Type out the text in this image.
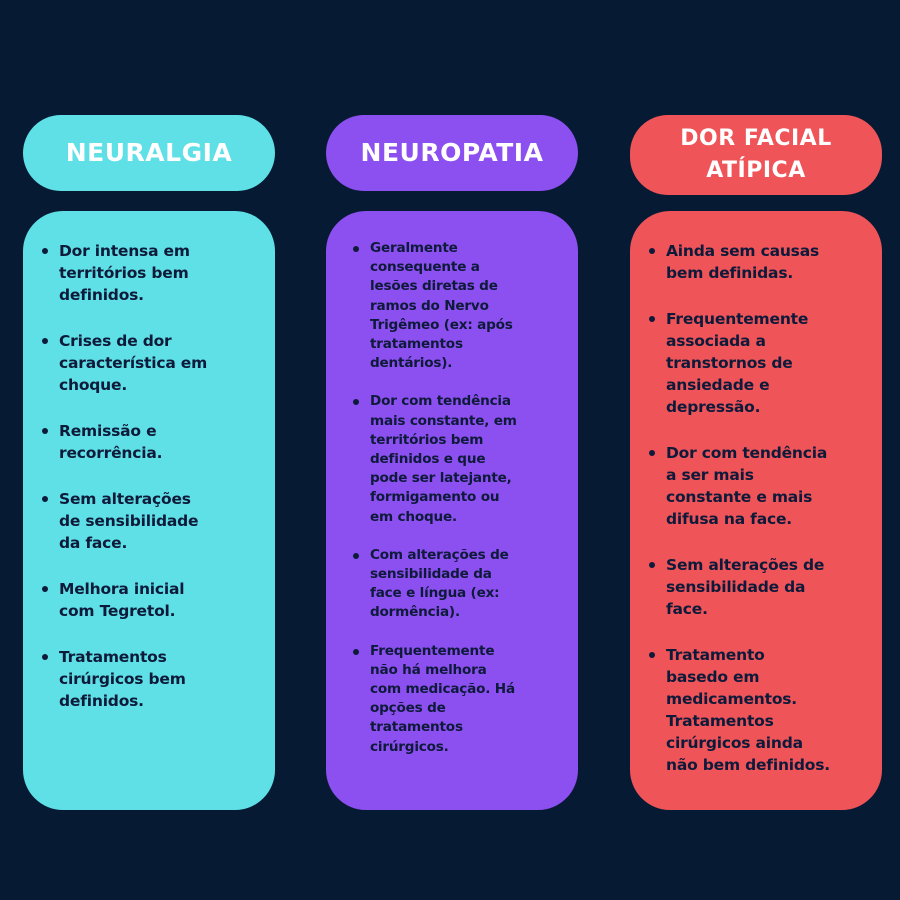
NEURALGIA
Dor intensa em
territórios bem
definidos.
Crises de dor
característica em
choque.
Remissão e
recorrência.
Sem alterações
de sensibilidade
da face.
Melhora inicial
com Tegretol.
Tratamentos
cirúrgicos bem
definidos.
NEUROPATIA
Geralmente
consequente a
lesões diretas de
ramos do Nervo
Trigêmeo (ex: após
tratamentos
dentários).
Dor com tendência
mais constante, em
territórios bem
definidos e que
pode ser latejante,
formigamento ou
em choque.
Com alterações de
sensibilidade da
face e língua (ex:
dormência).
Frequentemente
não há melhora
com medicação. Há
opções de
tratamentos
cirúrgicos.
DOR FACIAL
ATÍPICA
Ainda sem causas
bem definidas.
Frequentemente
associada a
transtornos de
ansiedade e
depressão.
Dor com tendência
a ser mais
constante e mais
difusa na face.
Sem alterações de
sensibilidade da
face.
Tratamento
basedo em
medicamentos.
Tratamentos
cirúrgicos ainda
não bem definidos.
